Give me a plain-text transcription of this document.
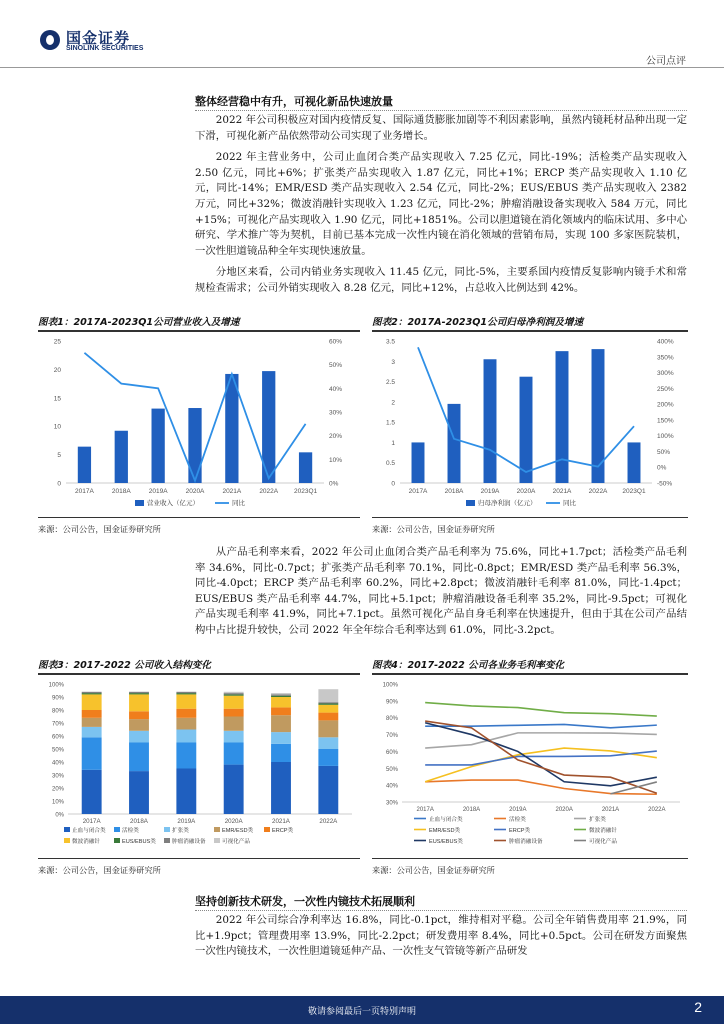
国金证券
SINOLINK SECURITIES
公司点评
整体经营稳中有升，可视化新品快速放量

2022 年公司积极应对国内疫情反复、国际通货膨胀加剧等不利因素影响，虽然内镜耗材品种出现一定下滑，可视化新产品依然带动公司实现了业务增长。

2022 年主营业务中，公司止血闭合类产品实现收入 7.25 亿元，同比-19%；活检类产品实现收入 2.50 亿元，同比+6%；扩张类产品实现收入 1.87 亿元，同比+1%；ERCP 类产品实现收入 1.10 亿元，同比-14%；EMR/ESD 类产品实现收入 2.54 亿元，同比-2%；EUS/EBUS 类产品实现收入 2382 万元，同比+32%；微波消融针实现收入 1.23 亿元，同比-2%；肿瘤消融设备实现收入 584 万元，同比+15%；可视化产品实现收入 1.90 亿元，同比+1851%。公司以胆道镜在消化领域内的临床试用、多中心研究、学术推广等为契机，目前已基本完成一次性内镜在消化领域的营销布局，实现 100 多家医院装机，一次性胆道镜品种全年实现快速放量。

分地区来看，公司内销业务实现收入 11.45 亿元，同比-5%，主要系国内疫情反复影响内镜手术和常规检查需求；公司外销实现收入 8.28 亿元，同比+12%，占总收入比例达到 42%。

图表1：2017A-2023Q1公司营业收入及增速
0
5
10
15
20
25
0%
10%
20%
30%
40%
50%
60%
2017A	2018A	2019A	2020A	2021A	2022A 2023Q1
营业收入（亿元）	同比
来源：公司公告，国金证券研究所
图表2：2017A-2023Q1公司归母净利润及增速
0
0.5
1
1.5
2
2.5
3
3.5
-50%
0%
50%
100%
150%
200%
250%
300%
350%
400%
2017A	2018A	2019A	2020A	2021A	2022A 2023Q1
归母净利润（亿元）	同比
来源：公司公告，国金证券研究所

从产品毛利率来看，2022 年公司止血闭合类产品毛利率为 75.6%，同比+1.7pct；活检类产品毛利率 34.6%，同比-0.7pct；扩张类产品毛利率 70.1%，同比-0.8pct；EMR/ESD 类产品毛利率 56.3%，同比-4.0pct；ERCP 类产品毛利率 60.2%，同比+2.8pct；微波消融针毛利率 81.0%，同比-1.4pct；EUS/EBUS 类产品毛利率 44.7%，同比+5.1pct；肿瘤消融设备毛利率 35.2%，同比-9.5pct；可视化产品实现毛利率 41.9%，同比+7.1pct。虽然可视化产品自身毛利率在快速提升，但由于其在公司产品结构中占比提升较快，公司 2022 年全年综合毛利率达到 61.0%，同比-3.2pct。

图表3：2017-2022 公司收入结构变化
0%
10%
20%
30%
40%
50%
60%
70%
80%
90%
100%
2017A	2018A	2019A	2020A	2021A	2022A
止血与闭合类	活检类	扩张类	EMR/ESD类	ERCP类
微波消融针	EUS/EBUS类	肿瘤消融设备	可视化产品
来源：公司公告，国金证券研究所
图表4：2017-2022 公司各业务毛利率变化
30%
40%
50%
60%
70%
80%
90%
100%
2017A	2018A	2019A	2020A	2021A	2022A
止血与闭合类	活检类	扩张类
EMR/ESD类	ERCP类	微波消融针
EUS/EBUS类	肿瘤消融设备	可视化产品
来源：公司公告，国金证券研究所
坚持创新技术研发，一次性内镜技术拓展顺利

2022 年公司综合净利率达 16.8%，同比-0.1pct，维持相对平稳。公司全年销售费用率 21.9%，同比+1.9pct；管理费用率 13.9%，同比-2.2pct；研发费用率 8.4%，同比+0.5pct。公司在研发方面聚焦一次性内镜技术，一次性胆道镜延伸产品、一次性支气管镜等新产品研发

敬请参阅最后一页特别声明	2
